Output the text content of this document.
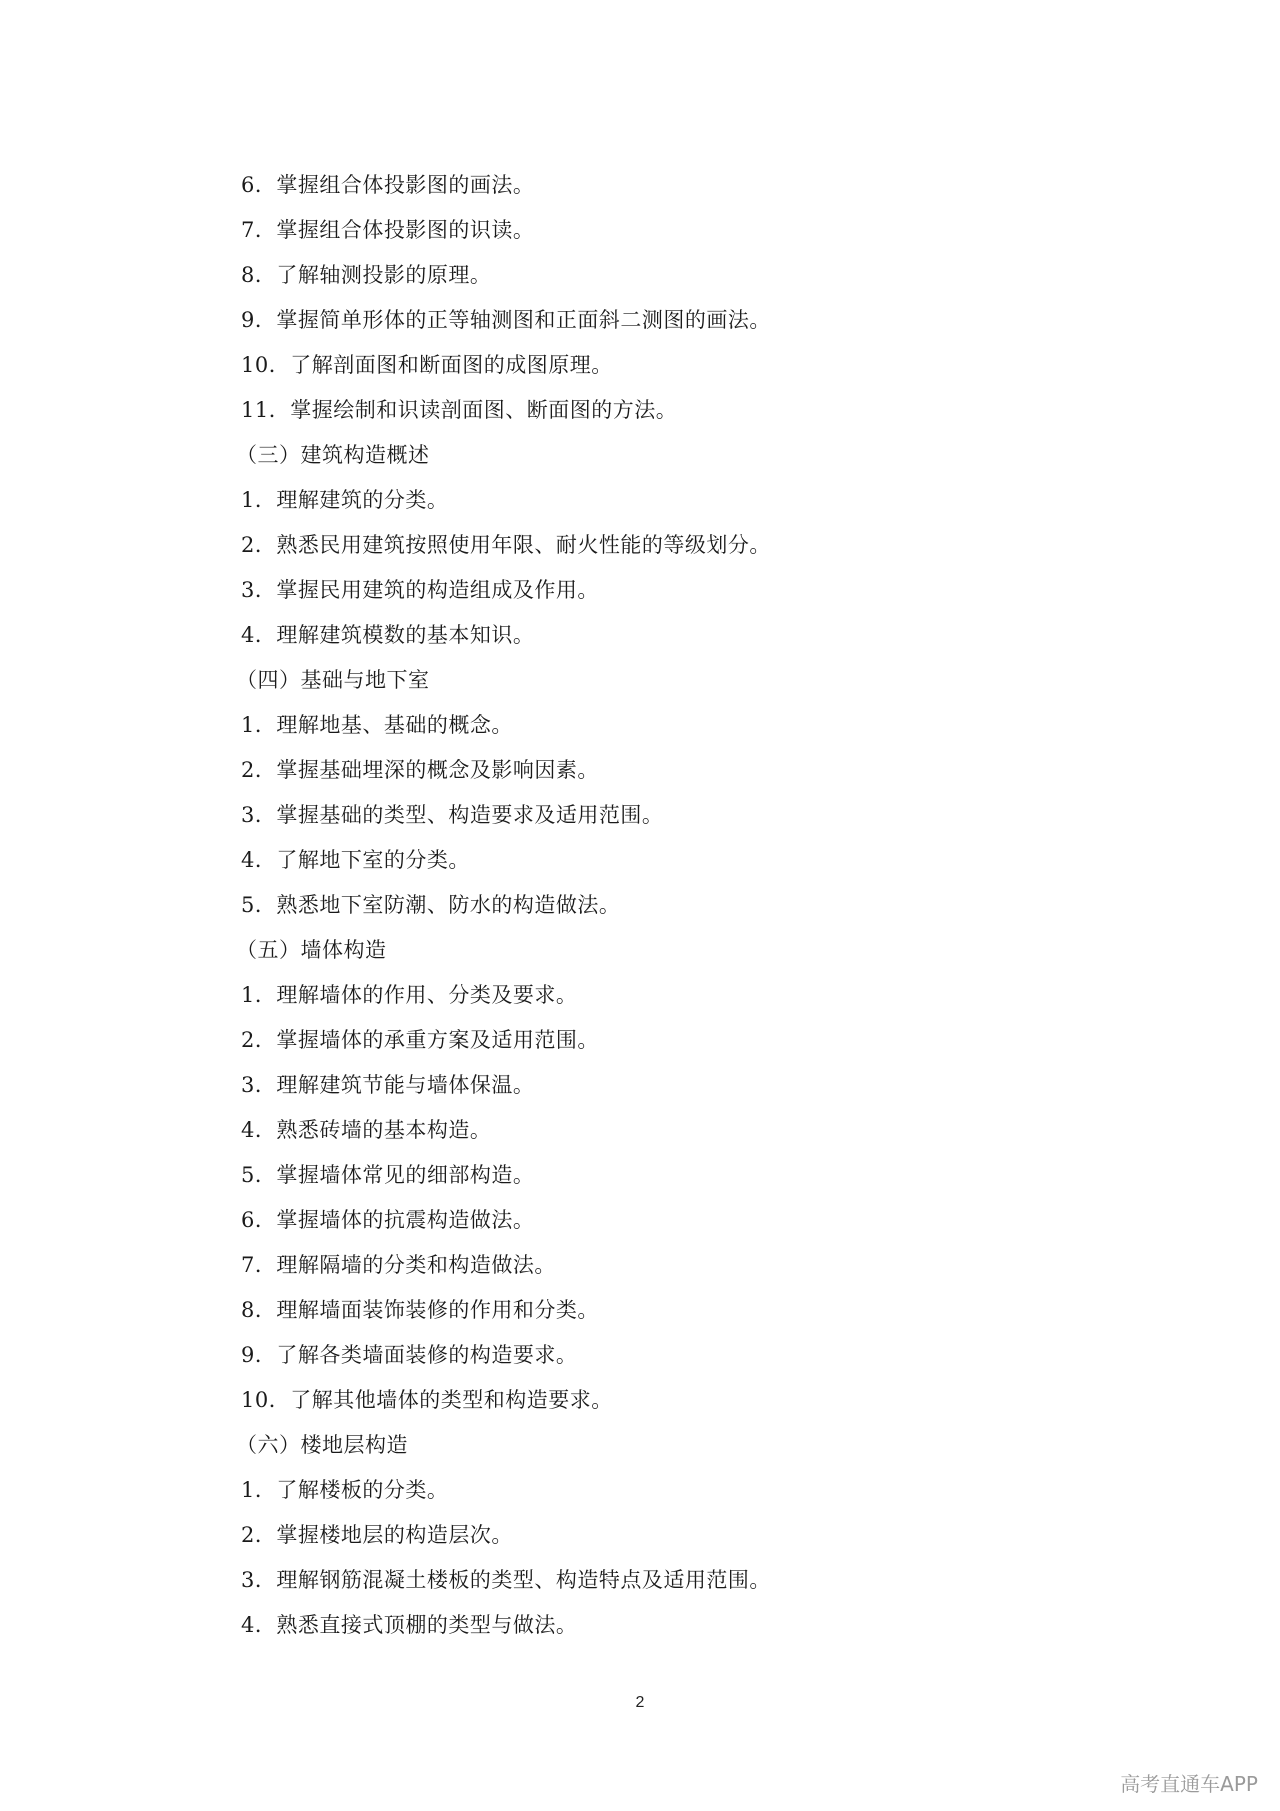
6．掌握组合体投影图的画法。
7．掌握组合体投影图的识读。
8．了解轴测投影的原理。
9．掌握简单形体的正等轴测图和正面斜二测图的画法。
10．了解剖面图和断面图的成图原理。
11．掌握绘制和识读剖面图、断面图的方法。
（三）建筑构造概述
1．理解建筑的分类。
2．熟悉民用建筑按照使用年限、耐火性能的等级划分。
3．掌握民用建筑的构造组成及作用。
4．理解建筑模数的基本知识。
（四）基础与地下室
1．理解地基、基础的概念。
2．掌握基础埋深的概念及影响因素。
3．掌握基础的类型、构造要求及适用范围。
4．了解地下室的分类。
5．熟悉地下室防潮、防水的构造做法。
（五）墙体构造
1．理解墙体的作用、分类及要求。
2．掌握墙体的承重方案及适用范围。
3．理解建筑节能与墙体保温。
4．熟悉砖墙的基本构造。
5．掌握墙体常见的细部构造。
6．掌握墙体的抗震构造做法。
7．理解隔墙的分类和构造做法。
8．理解墙面装饰装修的作用和分类。
9．了解各类墙面装修的构造要求。
10．了解其他墙体的类型和构造要求。
（六）楼地层构造
1．了解楼板的分类。
2．掌握楼地层的构造层次。
3．理解钢筋混凝土楼板的类型、构造特点及适用范围。
4．熟悉直接式顶棚的类型与做法。
2
高考直通车APP
